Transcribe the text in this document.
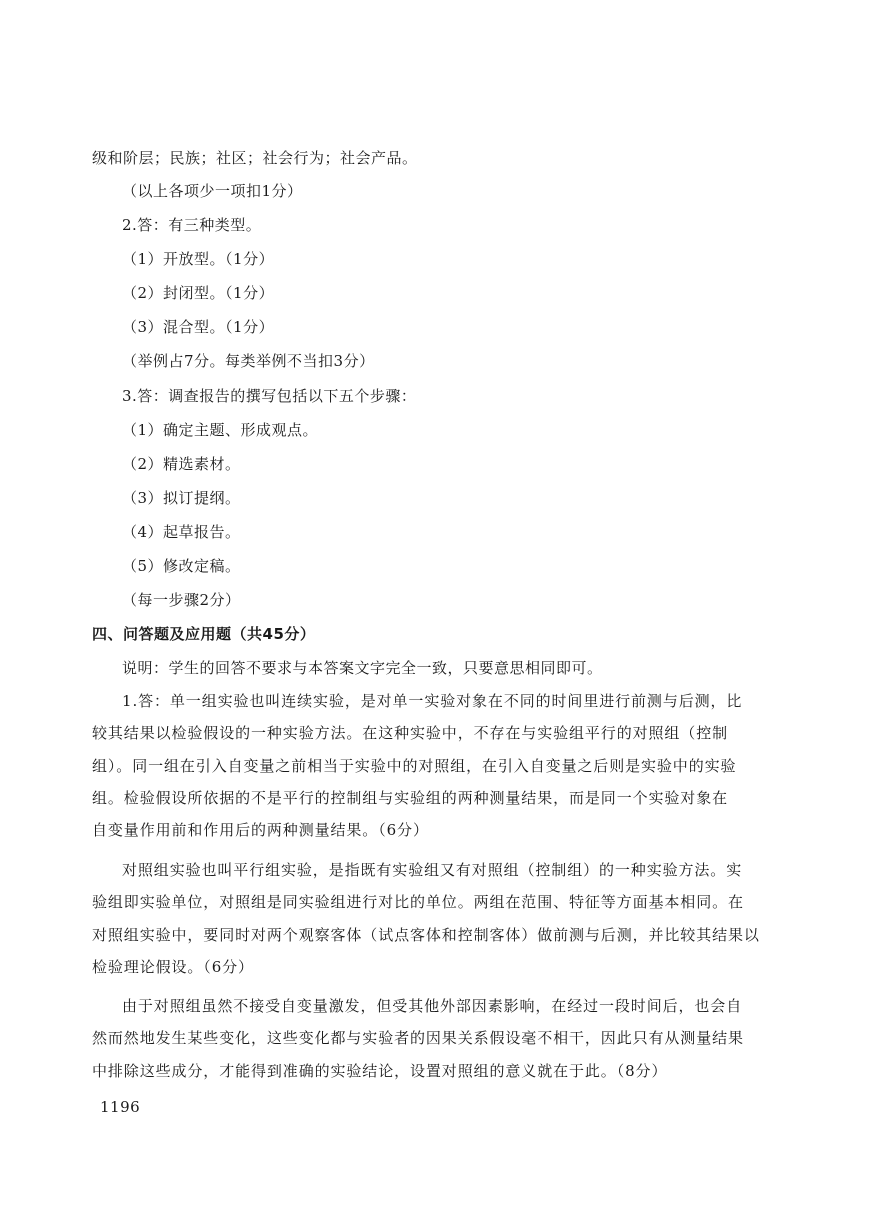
级和阶层；民族；社区；社会行为；社会产品。
（以上各项少一项扣1分）
2.答：有三种类型。
（1）开放型。（1分）
（2）封闭型。（1分）
（3）混合型。（1分）
（举例占7分。每类举例不当扣3分）
3.答：调查报告的撰写包括以下五个步骤：
（1）确定主题、形成观点。
（2）精选素材。
（3）拟订提纲。
（4）起草报告。
（5）修改定稿。
（每一步骤2分）
四、问答题及应用题（共45分）
说明：学生的回答不要求与本答案文字完全一致，只要意思相同即可。
1.答：单一组实验也叫连续实验，是对单一实验对象在不同的时间里进行前测与后测，比
较其结果以检验假设的一种实验方法。在这种实验中，不存在与实验组平行的对照组（控制
组）。同一组在引入自变量之前相当于实验中的对照组，在引入自变量之后则是实验中的实验
组。检验假设所依据的不是平行的控制组与实验组的两种测量结果，而是同一个实验对象在
自变量作用前和作用后的两种测量结果。（6分）
对照组实验也叫平行组实验，是指既有实验组又有对照组（控制组）的一种实验方法。实
验组即实验单位，对照组是同实验组进行对比的单位。两组在范围、特征等方面基本相同。在
对照组实验中，要同时对两个观察客体（试点客体和控制客体）做前测与后测，并比较其结果以
检验理论假设。（6分）
由于对照组虽然不接受自变量激发，但受其他外部因素影响，在经过一段时间后，也会自
然而然地发生某些变化，这些变化都与实验者的因果关系假设毫不相干，因此只有从测量结果
中排除这些成分，才能得到准确的实验结论，设置对照组的意义就在于此。（8分）
1196
